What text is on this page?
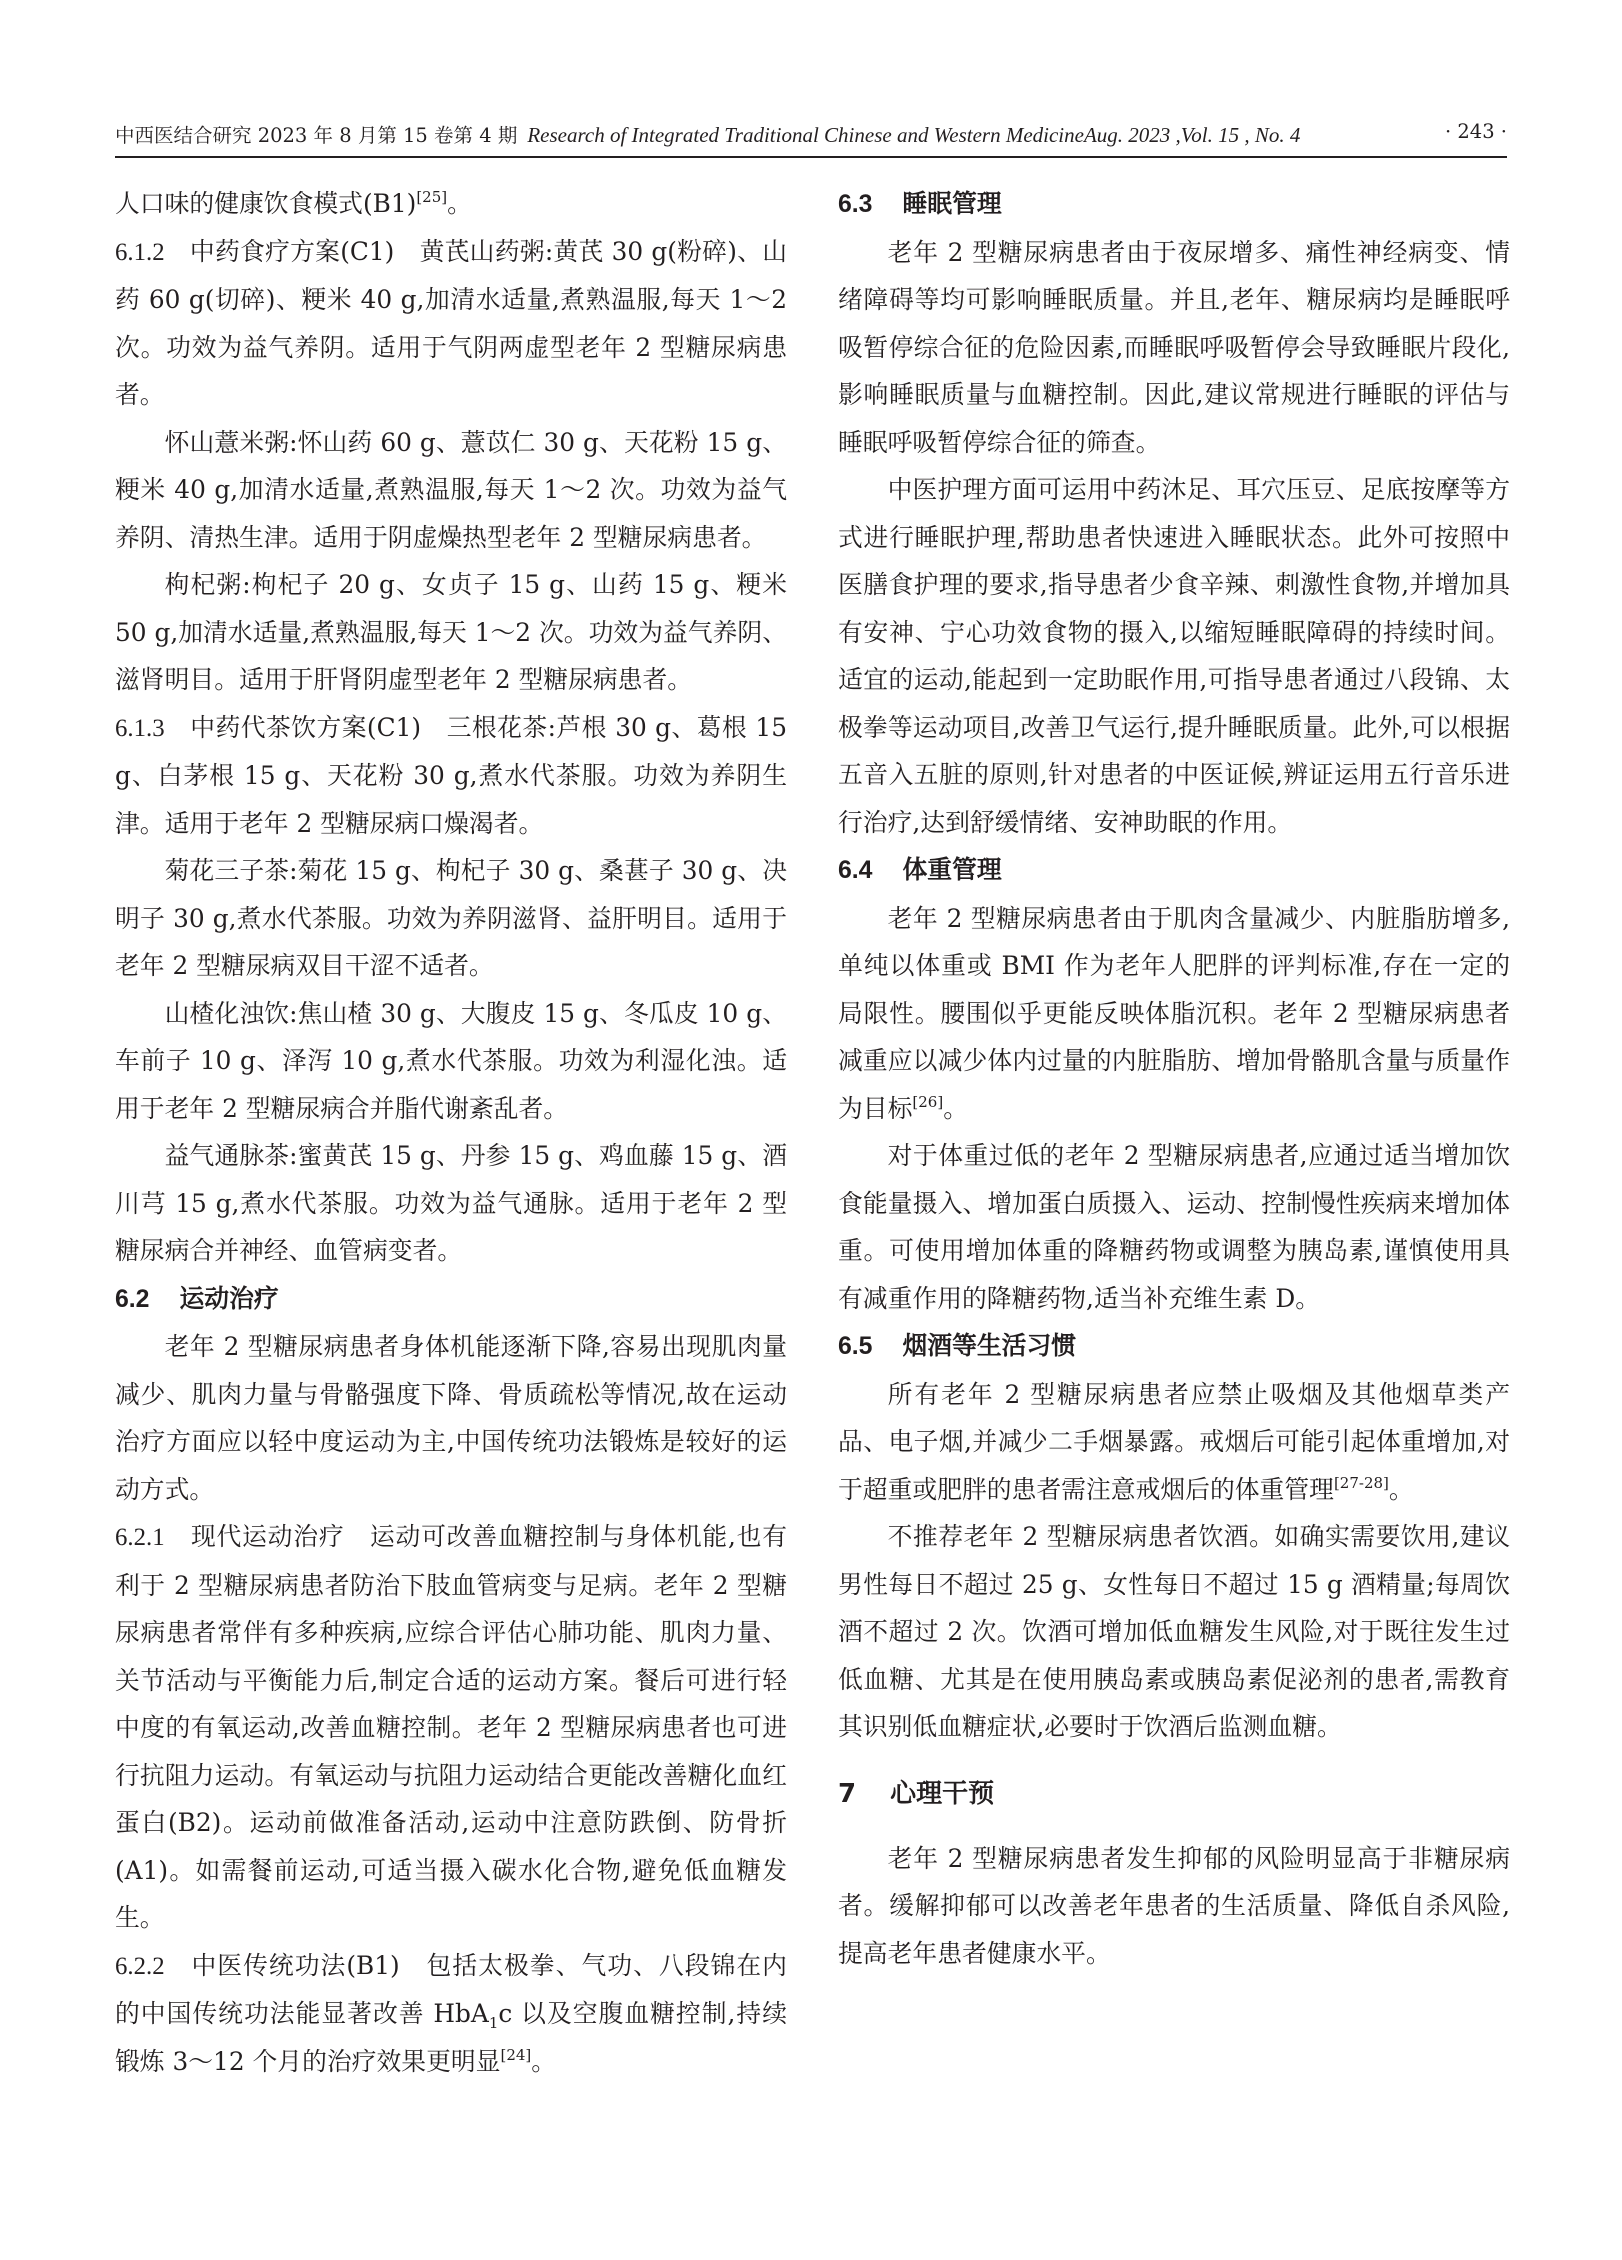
中西医结合研究 2023 年 8 月第 15 卷第 4 期 Research of Integrated Traditional Chinese and Western MedicineAug. 2023 ,Vol. 15 , No. 4	· 243 ·

人口味的健康饮食模式(B1)[25]。

6.1.2　 中药食疗方案(C1)　黄芪山药粥:黄芪 30 g(粉碎)、山药 60 g(切碎)、粳米 40 g,加清水适量,煮熟温服,每天 1～2 次。功效为益气养阴。适用于气阴两虚型老年 2 型糖尿病患者。

怀山薏米粥:怀山药 60 g、薏苡仁 30 g、天花粉 15 g、粳米 40 g,加清水适量,煮熟温服,每天 1～2 次。功效为益气养阴、清热生津。适用于阴虚燥热型老年 2 型糖尿病患者。

枸杞粥:枸杞子 20 g、女贞子 15 g、山药 15 g、粳米 50 g,加清水适量,煮熟温服,每天 1～2 次。功效为益气养阴、滋肾明目。适用于肝肾阴虚型老年 2 型糖尿病患者。

6.1.3　 中药代茶饮方案(C1)　三根花茶:芦根 30 g、葛根 15 g、白茅根 15 g、天花粉 30 g,煮水代茶服。功效为养阴生津。适用于老年 2 型糖尿病口燥渴者。

菊花三子茶:菊花 15 g、枸杞子 30 g、桑葚子 30 g、决明子 30 g,煮水代茶服。功效为养阴滋肾、益肝明目。适用于老年 2 型糖尿病双目干涩不适者。

山楂化浊饮:焦山楂 30 g、大腹皮 15 g、冬瓜皮 10 g、车前子 10 g、泽泻 10 g,煮水代茶服。功效为利湿化浊。适用于老年 2 型糖尿病合并脂代谢紊乱者。

益气通脉茶:蜜黄芪 15 g、丹参 15 g、鸡血藤 15 g、酒川芎 15 g,煮水代茶服。功效为益气通脉。适用于老年 2 型糖尿病合并神经、血管病变者。

6.2 运动治疗

老年 2 型糖尿病患者身体机能逐渐下降,容易出现肌肉量减少、肌肉力量与骨骼强度下降、骨质疏松等情况,故在运动治疗方面应以轻中度运动为主,中国传统功法锻炼是较好的运动方式。

6.2.1　 现代运动治疗　运动可改善血糖控制与身体机能,也有利于 2 型糖尿病患者防治下肢血管病变与足病。老年 2 型糖尿病患者常伴有多种疾病,应综合评估心肺功能、肌肉力量、关节活动与平衡能力后,制定合适的运动方案。餐后可进行轻中度的有氧运动,改善血糖控制。老年 2 型糖尿病患者也可进行抗阻力运动。有氧运动与抗阻力运动结合更能改善糖化血红蛋白(B2)。运动前做准备活动,运动中注意防跌倒、防骨折(A1)。如需餐前运动,可适当摄入碳水化合物,避免低血糖发生。

6.2.2　 中医传统功法(B1)　包括太极拳、气功、八段锦在内的中国传统功法能显著改善 HbA$_1$c 以及空腹血糖控制,持续锻炼 3～12 个月的治疗效果更明显[24]。

6.3 睡眠管理

老年 2 型糖尿病患者由于夜尿增多、痛性神经病变、情绪障碍等均可影响睡眠质量。并且,老年、糖尿病均是睡眠呼吸暂停综合征的危险因素,而睡眠呼吸暂停会导致睡眠片段化,影响睡眠质量与血糖控制。因此,建议常规进行睡眠的评估与睡眠呼吸暂停综合征的筛查。

中医护理方面可运用中药沐足、耳穴压豆、足底按摩等方式进行睡眠护理,帮助患者快速进入睡眠状态。此外可按照中医膳食护理的要求,指导患者少食辛辣、刺激性食物,并增加具有安神、宁心功效食物的摄入,以缩短睡眠障碍的持续时间。适宜的运动,能起到一定助眠作用,可指导患者通过八段锦、太极拳等运动项目,改善卫气运行,提升睡眠质量。此外,可以根据五音入五脏的原则,针对患者的中医证候,辨证运用五行音乐进行治疗,达到舒缓情绪、安神助眠的作用。

6.4 体重管理

老年 2 型糖尿病患者由于肌肉含量减少、内脏脂肪增多,单纯以体重或 BMI 作为老年人肥胖的评判标准,存在一定的局限性。腰围似乎更能反映体脂沉积。老年 2 型糖尿病患者减重应以减少体内过量的内脏脂肪、增加骨骼肌含量与质量作为目标[26]。

对于体重过低的老年 2 型糖尿病患者,应通过适当增加饮食能量摄入、增加蛋白质摄入、运动、控制慢性疾病来增加体重。可使用增加体重的降糖药物或调整为胰岛素,谨慎使用具有减重作用的降糖药物,适当补充维生素 D。

6.5 烟酒等生活习惯

所有老年 2 型糖尿病患者应禁止吸烟及其他烟草类产品、电子烟,并减少二手烟暴露。戒烟后可能引起体重增加,对于超重或肥胖的患者需注意戒烟后的体重管理[27-28]。

不推荐老年 2 型糖尿病患者饮酒。如确实需要饮用,建议男性每日不超过 25 g、女性每日不超过 15 g 酒精量;每周饮酒不超过 2 次。饮酒可增加低血糖发生风险,对于既往发生过低血糖、尤其是在使用胰岛素或胰岛素促泌剂的患者,需教育其识别低血糖症状,必要时于饮酒后监测血糖。

7 心理干预

老年 2 型糖尿病患者发生抑郁的风险明显高于非糖尿病者。缓解抑郁可以改善老年患者的生活质量、降低自杀风险,提高老年患者健康水平。
